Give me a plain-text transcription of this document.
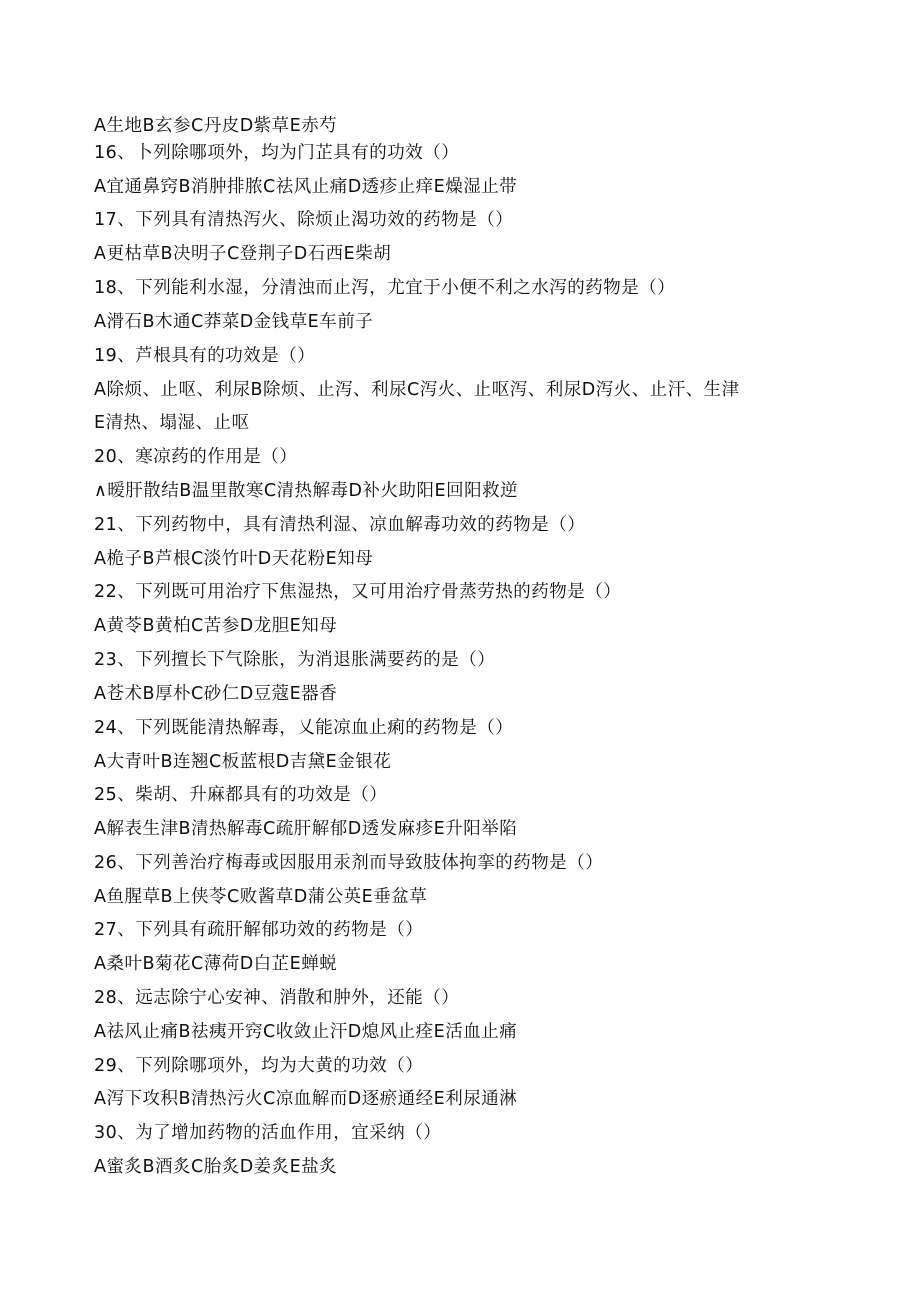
A生地B玄参C丹皮D紫草E赤芍
16、卜列除哪项外，均为门芷具有的功效（）
A宜通鼻窍B消肿排脓C祛风止痛D透疹止痒E燥湿止带
17、下列具有清热泻火、除烦止渴功效的药物是（）
A更枯草B决明子C登荆子D石西E柴胡
18、下列能利水湿，分清浊而止泻，尤宜于小便不利之水泻的药物是（）
A滑石B木通C莽菜D金钱草E车前子
19、芦根具有的功效是（）
A除烦、止呕、利尿B除烦、止泻、利尿C泻火、止呕泻、利尿D泻火、止汗、生津
E清热、塌湿、止呕
20、寒凉药的作用是（）
∧暧肝散结B温里散寒C清热解毒D补火助阳E回阳救逆
21、下列药物中，具有清热利湿、凉血解毒功效的药物是（）
A桅子B芦根C淡竹叶D天花粉E知母
22、下列既可用治疗下焦湿热，又可用治疗骨蒸劳热的药物是（）
A黄苓B黄柏C苦参D龙胆E知母
23、下列擅长下气除胀，为消退胀满要药的是（）
A苍术B厚朴C砂仁D豆蔻E器香
24、下列既能清热解毒，乂能凉血止痢的药物是（）
A大青叶B连翘C板蓝根D吉黛E金银花
25、柴胡、升麻都具有的功效是（）
A解表生津B清热解毒C疏肝解郁D透发麻疹E升阳举陷
26、下列善治疗梅毒或因服用汞剂而导致肢体拘挛的药物是（）
A鱼腥草B上侠苓C败酱草D蒲公英E垂盆草
27、下列具有疏肝解郁功效的药物是（）
A桑叶B菊花C薄荷D白芷E蝉蜕
28、远志除宁心安神、消散和肿外，还能（）
A祛风止痛B祛痍开窍C收敛止汗D熄风止痊E活血止痛
29、下列除哪项外，均为大黄的功效（）
A泻下攻积B清热污火C凉血解而D逐瘀通经E利尿通淋
30、为了增加药物的活血作用，宜采纳（）
A蜜炙B酒炙C胎炙D姜炙E盐炙
